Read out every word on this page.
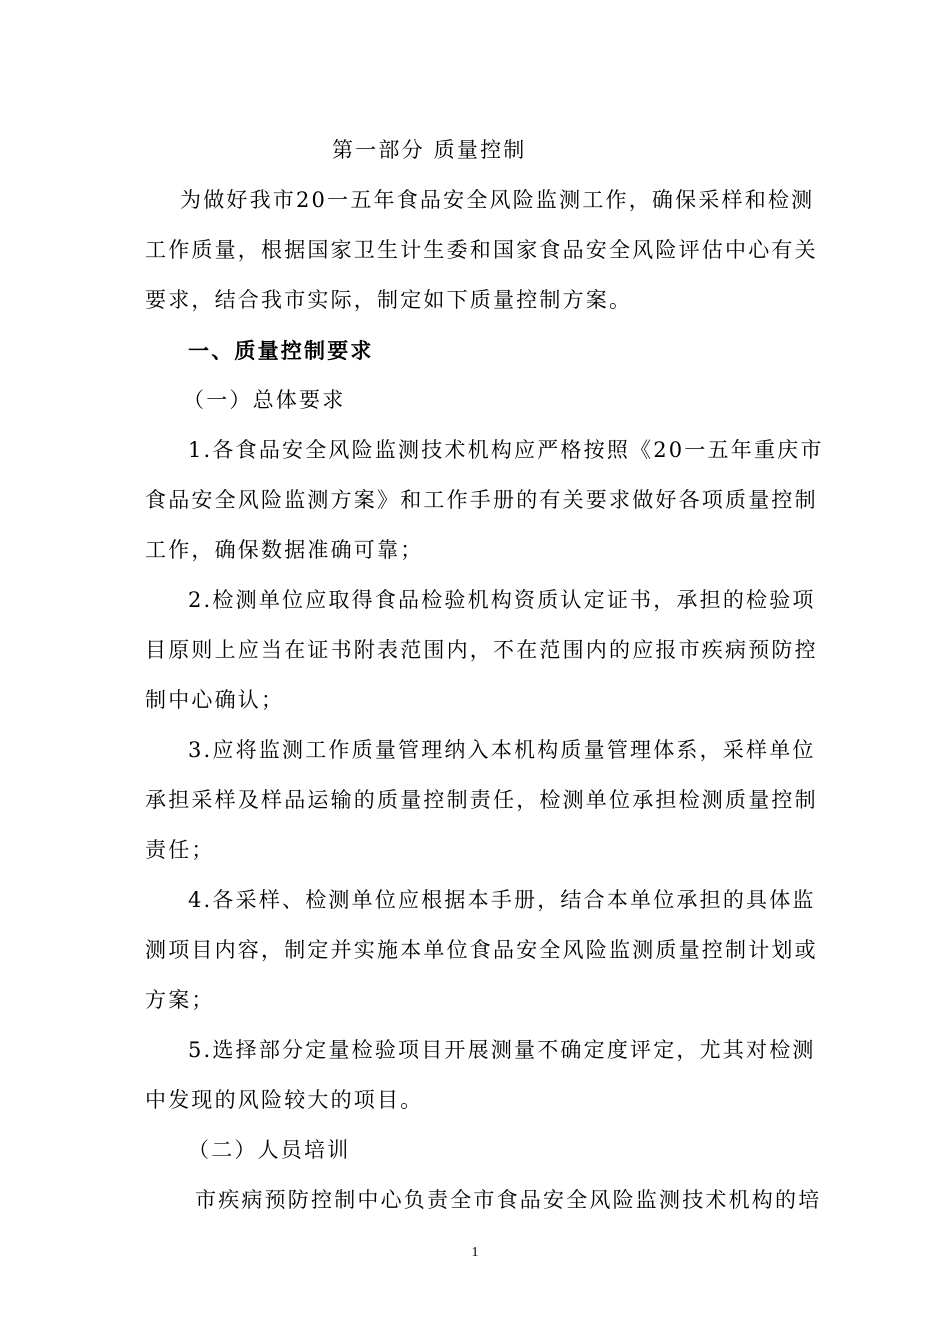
第一部分 质量控制

为做好我市20一五年食品安全风险监测工作，确保采样和检测

工作质量，根据国家卫生计生委和国家食品安全风险评估中心有关

要求，结合我市实际，制定如下质量控制方案。

一、质量控制要求

（一）总体要求

1.各食品安全风险监测技术机构应严格按照《20一五年重庆市

食品安全风险监测方案》和工作手册的有关要求做好各项质量控制

工作，确保数据准确可靠；

2.检测单位应取得食品检验机构资质认定证书，承担的检验项

目原则上应当在证书附表范围内，不在范围内的应报市疾病预防控

制中心确认；

3.应将监测工作质量管理纳入本机构质量管理体系，采样单位

承担采样及样品运输的质量控制责任，检测单位承担检测质量控制

责任；

4.各采样、检测单位应根据本手册，结合本单位承担的具体监

测项目内容，制定并实施本单位食品安全风险监测质量控制计划或

方案；

5.选择部分定量检验项目开展测量不确定度评定，尤其对检测

中发现的风险较大的项目。

（二）人员培训

市疾病预防控制中心负责全市食品安全风险监测技术机构的培

1
